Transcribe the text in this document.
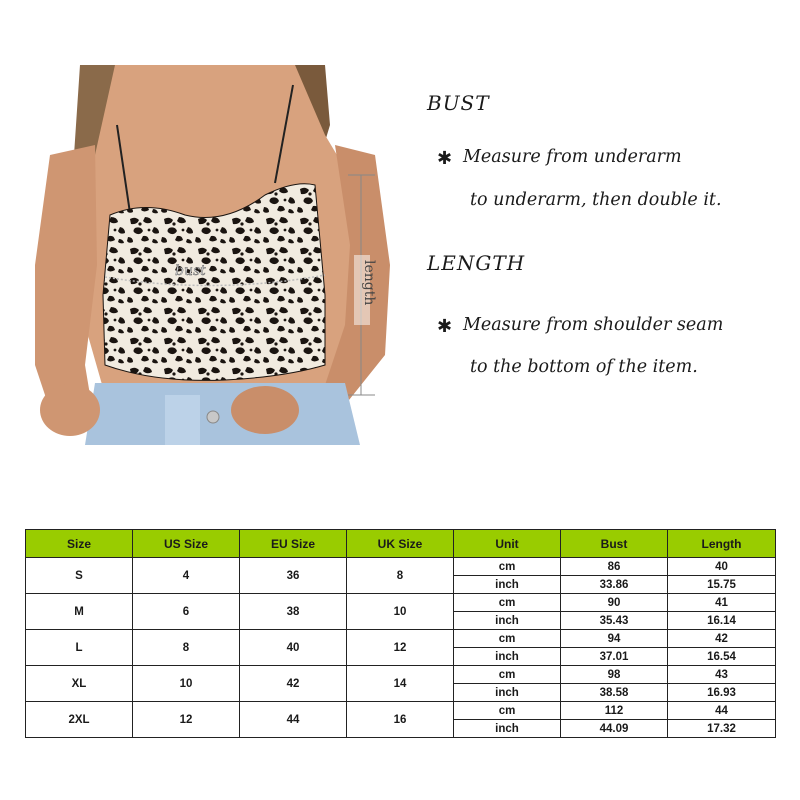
bust	length
BUST
✱ Measure from underarm
to underarm, then double it.
LENGTH
✱ Measure from shoulder seam
to the bottom of the item.
Size	US Size	EU Size	UK Size	Unit	Bust	Length
S	4	36	8	cm	86	40
				inch	33.86	15.75
M	6	38	10	cm	90	41
				inch	35.43	16.14
L	8	40	12	cm	94	42
				inch	37.01	16.54
XL	10	42	14	cm	98	43
				inch	38.58	16.93
2XL	12	44	16	cm	112	44
				inch	44.09	17.32
